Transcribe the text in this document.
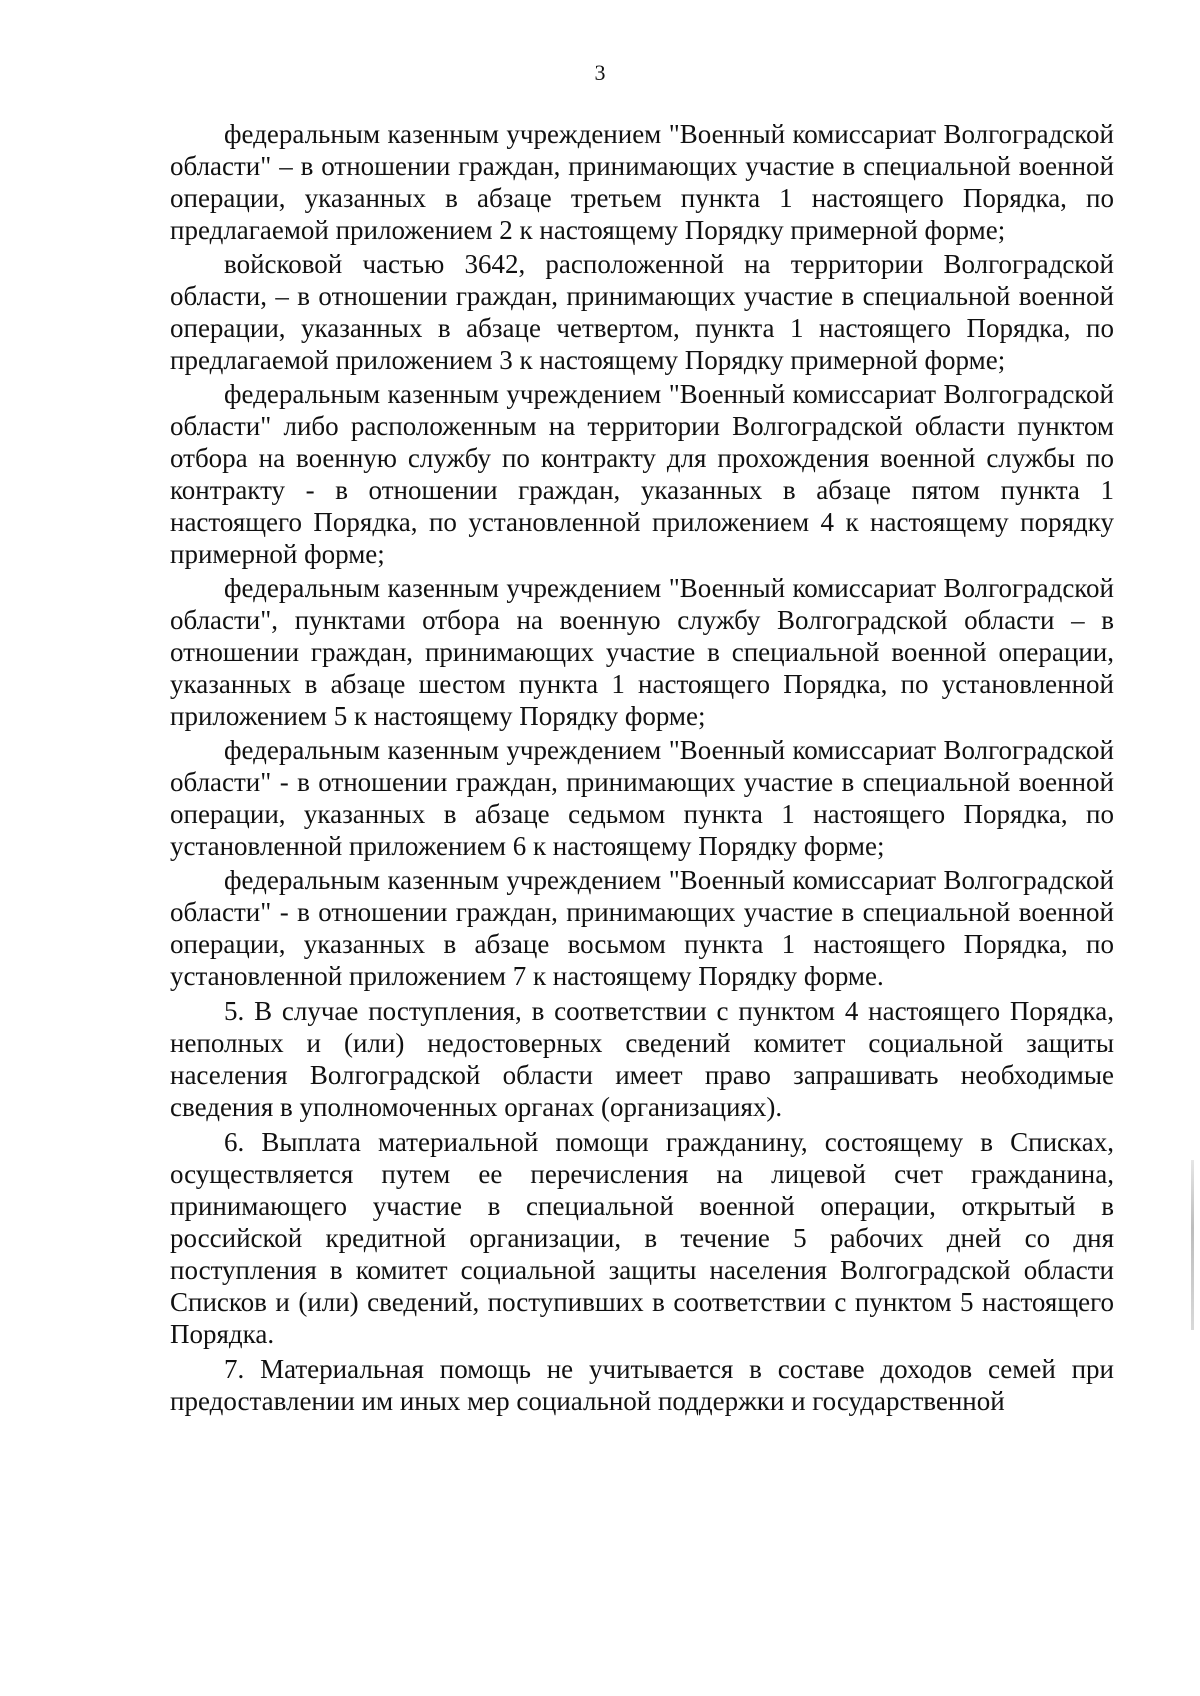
3

федеральным казенным учреждением "Военный комиссариат Волгоградской области" – в отношении граждан, принимающих участие в специальной военной операции, указанных в абзаце третьем пункта 1 настоящего Порядка, по предлагаемой приложением 2 к настоящему Порядку примерной форме;

войсковой частью 3642, расположенной на территории Волгоградской области, – в отношении граждан, принимающих участие в специальной военной операции, указанных в абзаце четвертом, пункта 1 настоящего Порядка, по предлагаемой приложением 3 к настоящему Порядку примерной форме;

федеральным казенным учреждением "Военный комиссариат Волгоградской области" либо расположенным на территории Волгоградской области пунктом отбора на военную службу по контракту для прохождения военной службы по контракту - в отношении граждан, указанных в абзаце пятом пункта 1 настоящего Порядка, по установленной приложением 4 к настоящему порядку примерной форме;

федеральным казенным учреждением "Военный комиссариат Волгоградской области", пунктами отбора на военную службу Волгоградской области – в отношении граждан, принимающих участие в специальной военной операции, указанных в абзаце шестом пункта 1 настоящего Порядка, по установленной приложением 5 к настоящему Порядку форме;

федеральным казенным учреждением "Военный комиссариат Волгоградской области" - в отношении граждан, принимающих участие в специальной военной операции, указанных в абзаце седьмом пункта 1 настоящего Порядка, по установленной приложением 6 к настоящему Порядку форме;

федеральным казенным учреждением "Военный комиссариат Волгоградской области" - в отношении граждан, принимающих участие в специальной военной операции, указанных в абзаце восьмом пункта 1 настоящего Порядка, по установленной приложением 7 к настоящему Порядку форме.

5. В случае поступления, в соответствии с пунктом 4 настоящего Порядка, неполных и (или) недостоверных сведений комитет социальной защиты населения Волгоградской области имеет право запрашивать необходимые сведения в уполномоченных органах (организациях).

6. Выплата материальной помощи гражданину, состоящему в Списках, осуществляется путем ее перечисления на лицевой счет гражданина, принимающего участие в специальной военной операции, открытый в российской кредитной организации, в течение 5 рабочих дней со дня поступления в комитет социальной защиты населения Волгоградской области Списков и (или) сведений, поступивших в соответствии с пунктом 5 настоящего Порядка.

7. Материальная помощь не учитывается в составе доходов семей при предоставлении им иных мер социальной поддержки и государственной
